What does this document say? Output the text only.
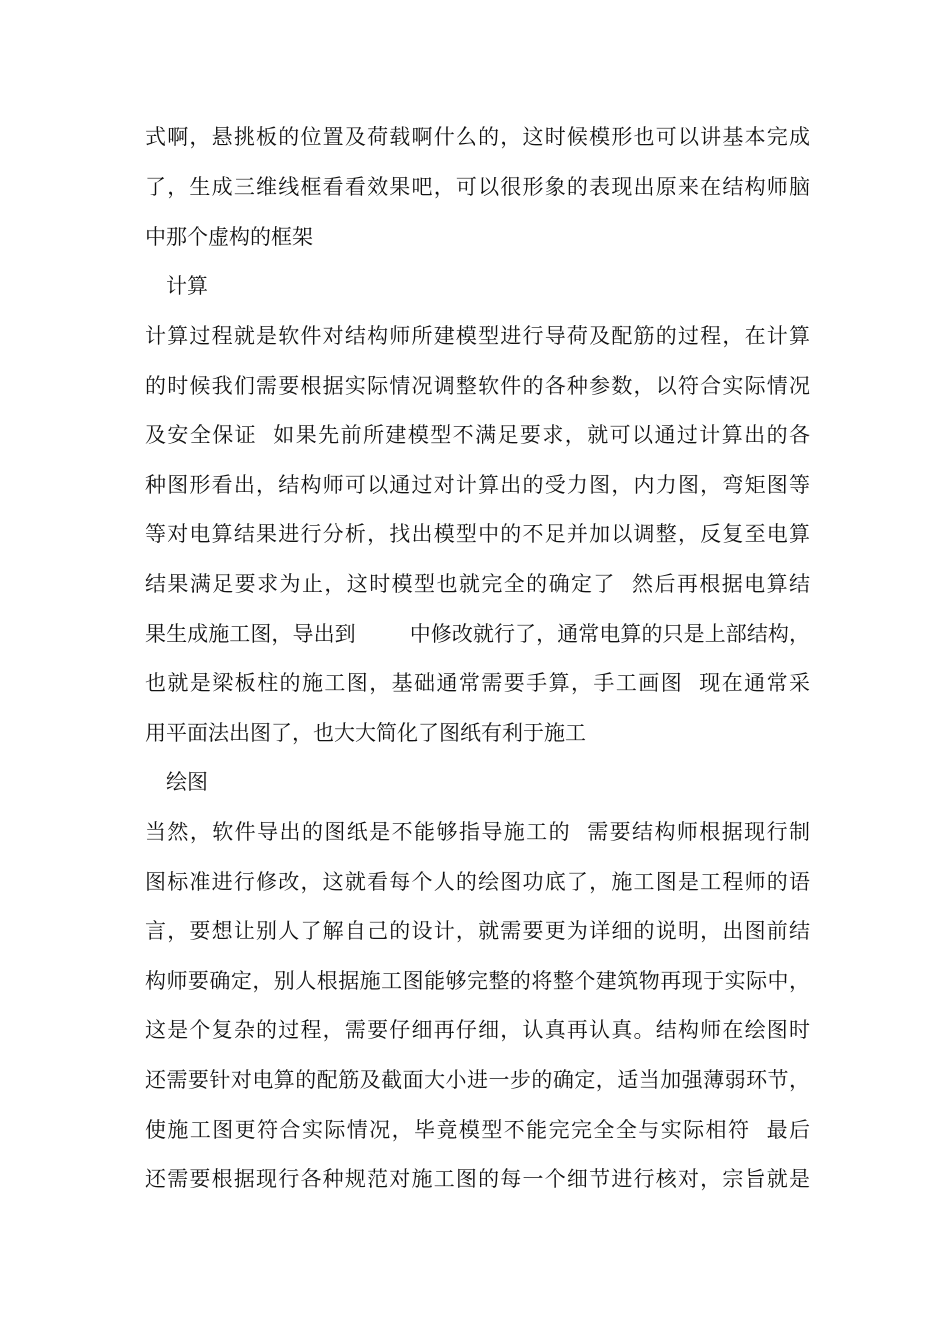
式啊，悬挑板的位置及荷载啊什么的，这时候模形也可以讲基本完成
了，生成三维线框看看效果吧，可以很形象的表现出原来在结构师脑
中那个虚构的框架
计算
计算过程就是软件对结构师所建模型进行导荷及配筋的过程，在计算
的时候我们需要根据实际情况调整软件的各种参数，以符合实际情况
及安全保证  如果先前所建模型不满足要求，就可以通过计算出的各
种图形看出，结构师可以通过对计算出的受力图，内力图，弯矩图等
等对电算结果进行分析，找出模型中的不足并加以调整，反复至电算
结果满足要求为止，这时模型也就完全的确定了  然后再根据电算结
果生成施工图，导出到        中修改就行了，通常电算的只是上部结构，
也就是梁板柱的施工图，基础通常需要手算，手工画图  现在通常采
用平面法出图了，也大大简化了图纸有利于施工
绘图
当然，软件导出的图纸是不能够指导施工的  需要结构师根据现行制
图标准进行修改，这就看每个人的绘图功底了，施工图是工程师的语
言，要想让别人了解自己的设计，就需要更为详细的说明，出图前结
构师要确定，别人根据施工图能够完整的将整个建筑物再现于实际中，
这是个复杂的过程，需要仔细再仔细，认真再认真。结构师在绘图时
还需要针对电算的配筋及截面大小进一步的确定，适当加强薄弱环节，
使施工图更符合实际情况，毕竟模型不能完完全全与实际相符  最后
还需要根据现行各种规范对施工图的每一个细节进行核对，宗旨就是
